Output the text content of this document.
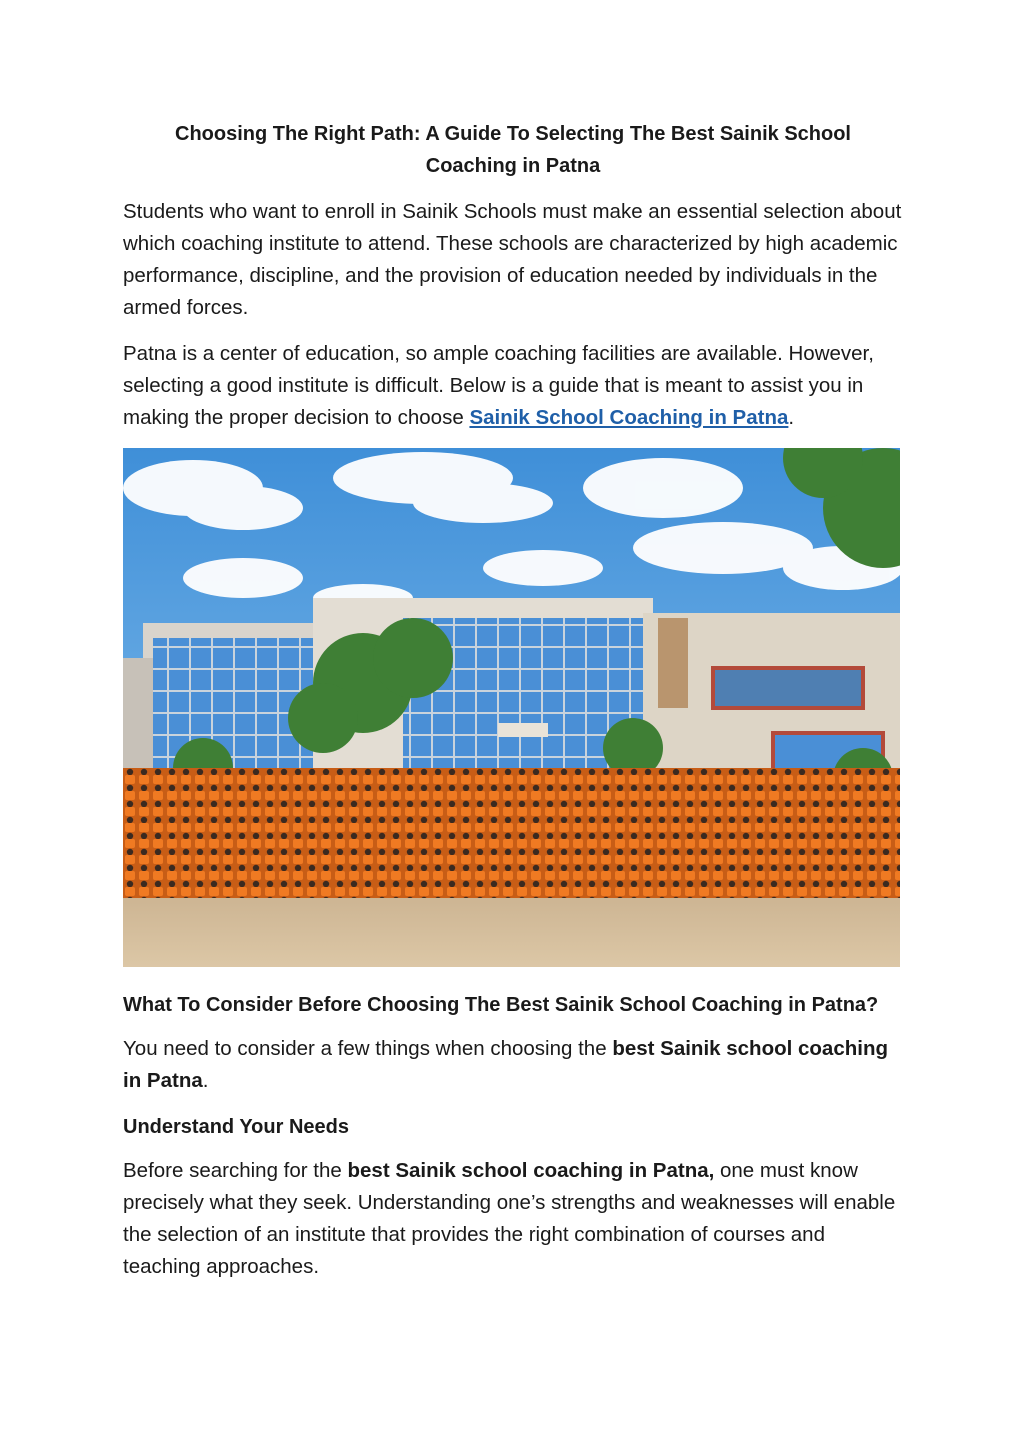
Choosing The Right Path: A Guide To Selecting The Best Sainik School
Coaching in Patna

Students who want to enroll in Sainik Schools must make an essential selection about which coaching institute to attend. These schools are characterized by high academic performance, discipline, and the provision of education needed by individuals in the armed forces.

Patna is a center of education, so ample coaching facilities are available. However, selecting a good institute is difficult. Below is a guide that is meant to assist you in making the proper decision to choose Sainik School Coaching in Patna.

What To Consider Before Choosing The Best Sainik School Coaching in Patna?

You need to consider a few things when choosing the best Sainik school coaching in Patna.

Understand Your Needs

Before searching for the best Sainik school coaching in Patna, one must know precisely what they seek. Understanding one’s strengths and weaknesses will enable the selection of an institute that provides the right combination of courses and teaching approaches.
